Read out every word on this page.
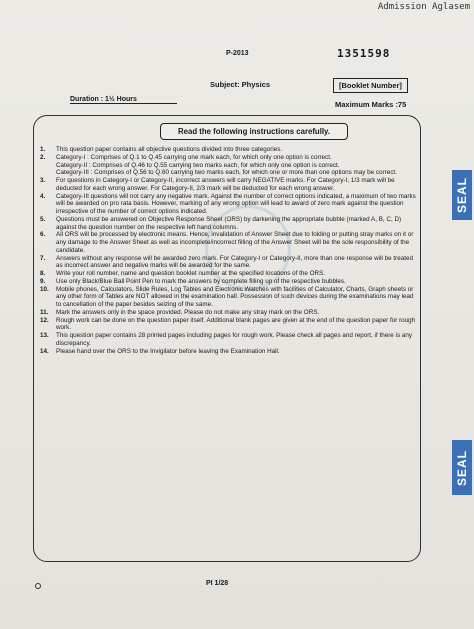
Admission Aglasem
P-2013	1351598
Subject: Physics	[Booklet Number]
Duration : 1½ Hours
Maximum Marks :75
Read the following instructions carefully.
1. This question paper contains all objective questions divided into three categories.
2. Category-I : Comprises of Q.1 to Q.45 carrying one mark each, for which only one option is correct.
Category-II : Comprises of Q.46 to Q.55 carrying two marks each, for which only one option is correct.
Category-III : Comprises of Q.56 to Q.60 carrying two marks each, for which one or more than one options may be correct.
3. For questions in Category-I or Category-II, incorrect answers will carry NEGATIVE marks. For Category-I, 1/3 mark will be deducted for each wrong answer. For Category-II, 2/3 mark will be deducted for each wrong answer.
4. Category-III questions will not carry any negative mark. Against the number of correct options indicated, a maximum of two marks will be awarded on pro rata basis. However, marking of any wrong option will lead to award of zero mark against the question irrespective of the number of correct options indicated.
5. Questions must be answered on Objective Response Sheet (ORS) by darkening the appropriate bubble (marked A, B, C, D) against the question number on the respective left hand columns.
6. All ORS will be processed by electronic means. Hence, invalidation of Answer Sheet due to folding or putting stray marks on it or any damage to the Answer Sheet as well as incomplete/incorrect filling of the Answer Sheet will be the sole responsibility of the candidate.
7. Answers without any response will be awarded zero mark. For Category-I or Category-II, more than one response will be treated as incorrect answer and negative marks will be awarded for the same.
8. Write your roll number, name and question booklet number at the specified locations of the ORS.
9. Use only Black/Blue Ball Point Pen to mark the answers by complete filling up of the respective bubbles.
10. Mobile phones, Calculators, Slide Rules, Log Tables and Electronic Watches with facilities of Calculator, Charts, Graph sheets or any other form of Tables are NOT allowed in the examination hall. Possession of such devices during the examinations may lead to cancellation of the paper besides seizing of the same.
11. Mark the answers only in the space provided. Please do not make any stray mark on the ORS.
12. Rough work can be done on the question paper itself. Additional blank pages are given at the end of the question paper for rough work.
13. This question paper contains 28 printed pages including pages for rough work. Please check all pages and report, if there is any discrepancy.
14. Please hand over the ORS to the Invigilator before leaving the Examination Hall.
PI 1/28
SEAL
SEAL
